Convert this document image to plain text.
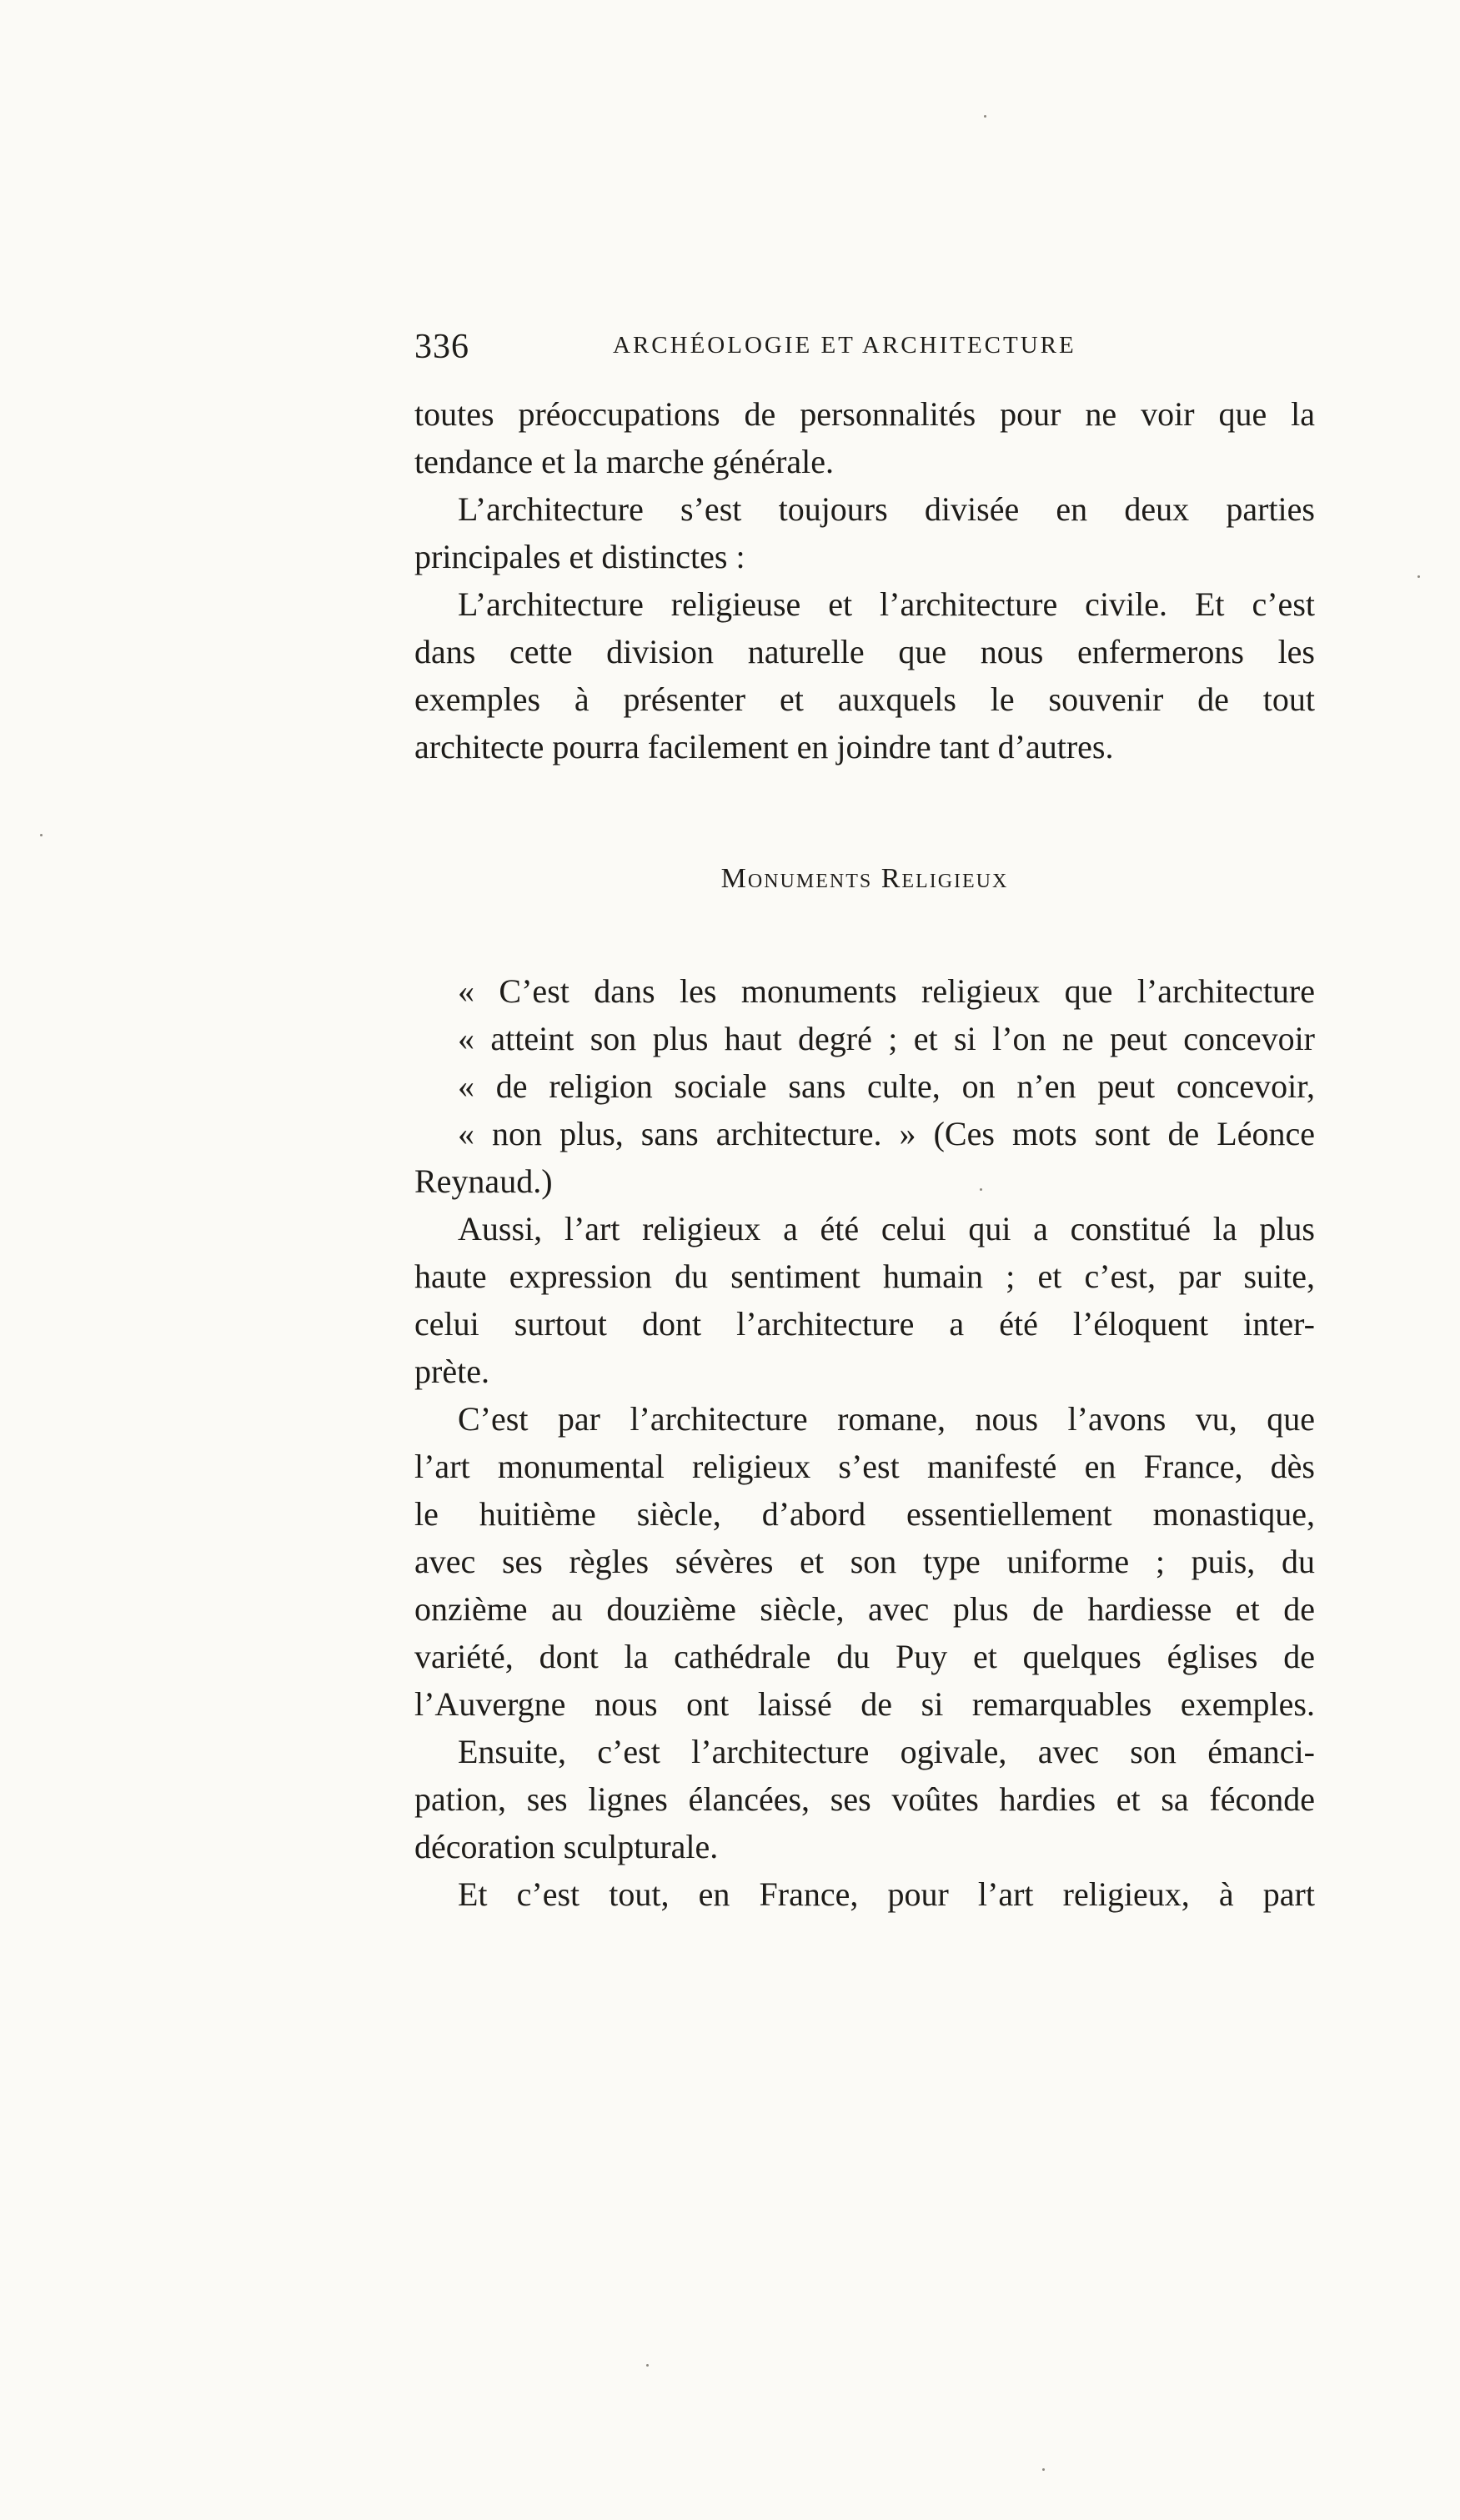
336	ARCHÉOLOGIE ET ARCHITECTURE
toutes préoccupations de personnalités pour ne voir que la
tendance et la marche générale.
L’architecture s’est toujours divisée en deux parties
principales et distinctes :
L’architecture religieuse et l’architecture civile. Et c’est
dans cette division naturelle que nous enfermerons les
exemples à présenter et auxquels le souvenir de tout
architecte pourra facilement en joindre tant d’autres.
Monuments Religieux
« C’est dans les monuments religieux que l’architecture
« atteint son plus haut degré ; et si l’on ne peut concevoir
« de religion sociale sans culte, on n’en peut concevoir,
« non plus, sans architecture. » (Ces mots sont de Léonce
Reynaud.)
Aussi, l’art religieux a été celui qui a constitué la plus
haute expression du sentiment humain ; et c’est, par suite,
celui surtout dont l’architecture a été l’éloquent inter-
prète.
C’est par l’architecture romane, nous l’avons vu, que
l’art monumental religieux s’est manifesté en France, dès
le huitième siècle, d’abord essentiellement monastique,
avec ses règles sévères et son type uniforme ; puis, du
onzième au douzième siècle, avec plus de hardiesse et de
variété, dont la cathédrale du Puy et quelques églises de
l’Auvergne nous ont laissé de si remarquables exemples.
Ensuite, c’est l’architecture ogivale, avec son émanci-
pation, ses lignes élancées, ses voûtes hardies et sa féconde
décoration sculpturale.
Et c’est tout, en France, pour l’art religieux, à part
